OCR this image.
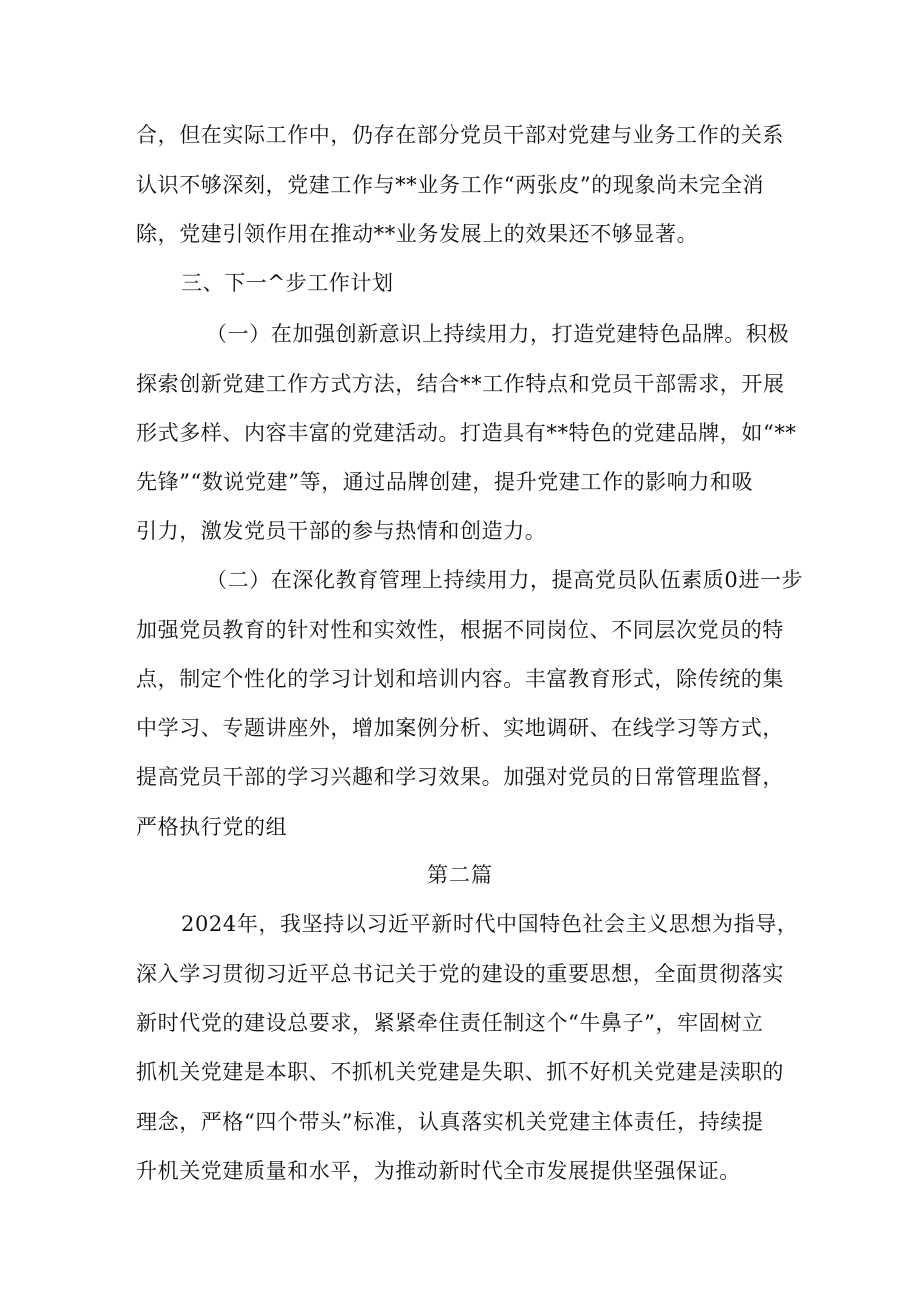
合，但在实际工作中，仍存在部分党员干部对党建与业务工作的关系
认识不够深刻，党建工作与**业务工作“两张皮”的现象尚未完全消
除，党建引领作用在推动**业务发展上的效果还不够显著。
三、下一^步工作计划
（一）在加强创新意识上持续用力，打造党建特色品牌。积极
探索创新党建工作方式方法，结合**工作特点和党员干部需求，开展
形式多样、内容丰富的党建活动。打造具有**特色的党建品牌，如“**
先锋”“数说党建”等，通过品牌创建，提升党建工作的影响力和吸
引力，激发党员干部的参与热情和创造力。
（二）在深化教育管理上持续用力，提高党员队伍素质0进一步
加强党员教育的针对性和实效性，根据不同岗位、不同层次党员的特
点，制定个性化的学习计划和培训内容。丰富教育形式，除传统的集
中学习、专题讲座外，增加案例分析、实地调研、在线学习等方式，
提高党员干部的学习兴趣和学习效果。加强对党员的日常管理监督，
严格执行党的组
第二篇
2024年，我坚持以习近平新时代中国特色社会主义思想为指导，
深入学习贯彻习近平总书记关于党的建设的重要思想，全面贯彻落实
新时代党的建设总要求，紧紧牵住责任制这个“牛鼻子”，牢固树立
抓机关党建是本职、不抓机关党建是失职、抓不好机关党建是渎职的
理念，严格“四个带头”标准，认真落实机关党建主体责任，持续提
升机关党建质量和水平，为推动新时代全市发展提供坚强保证。
